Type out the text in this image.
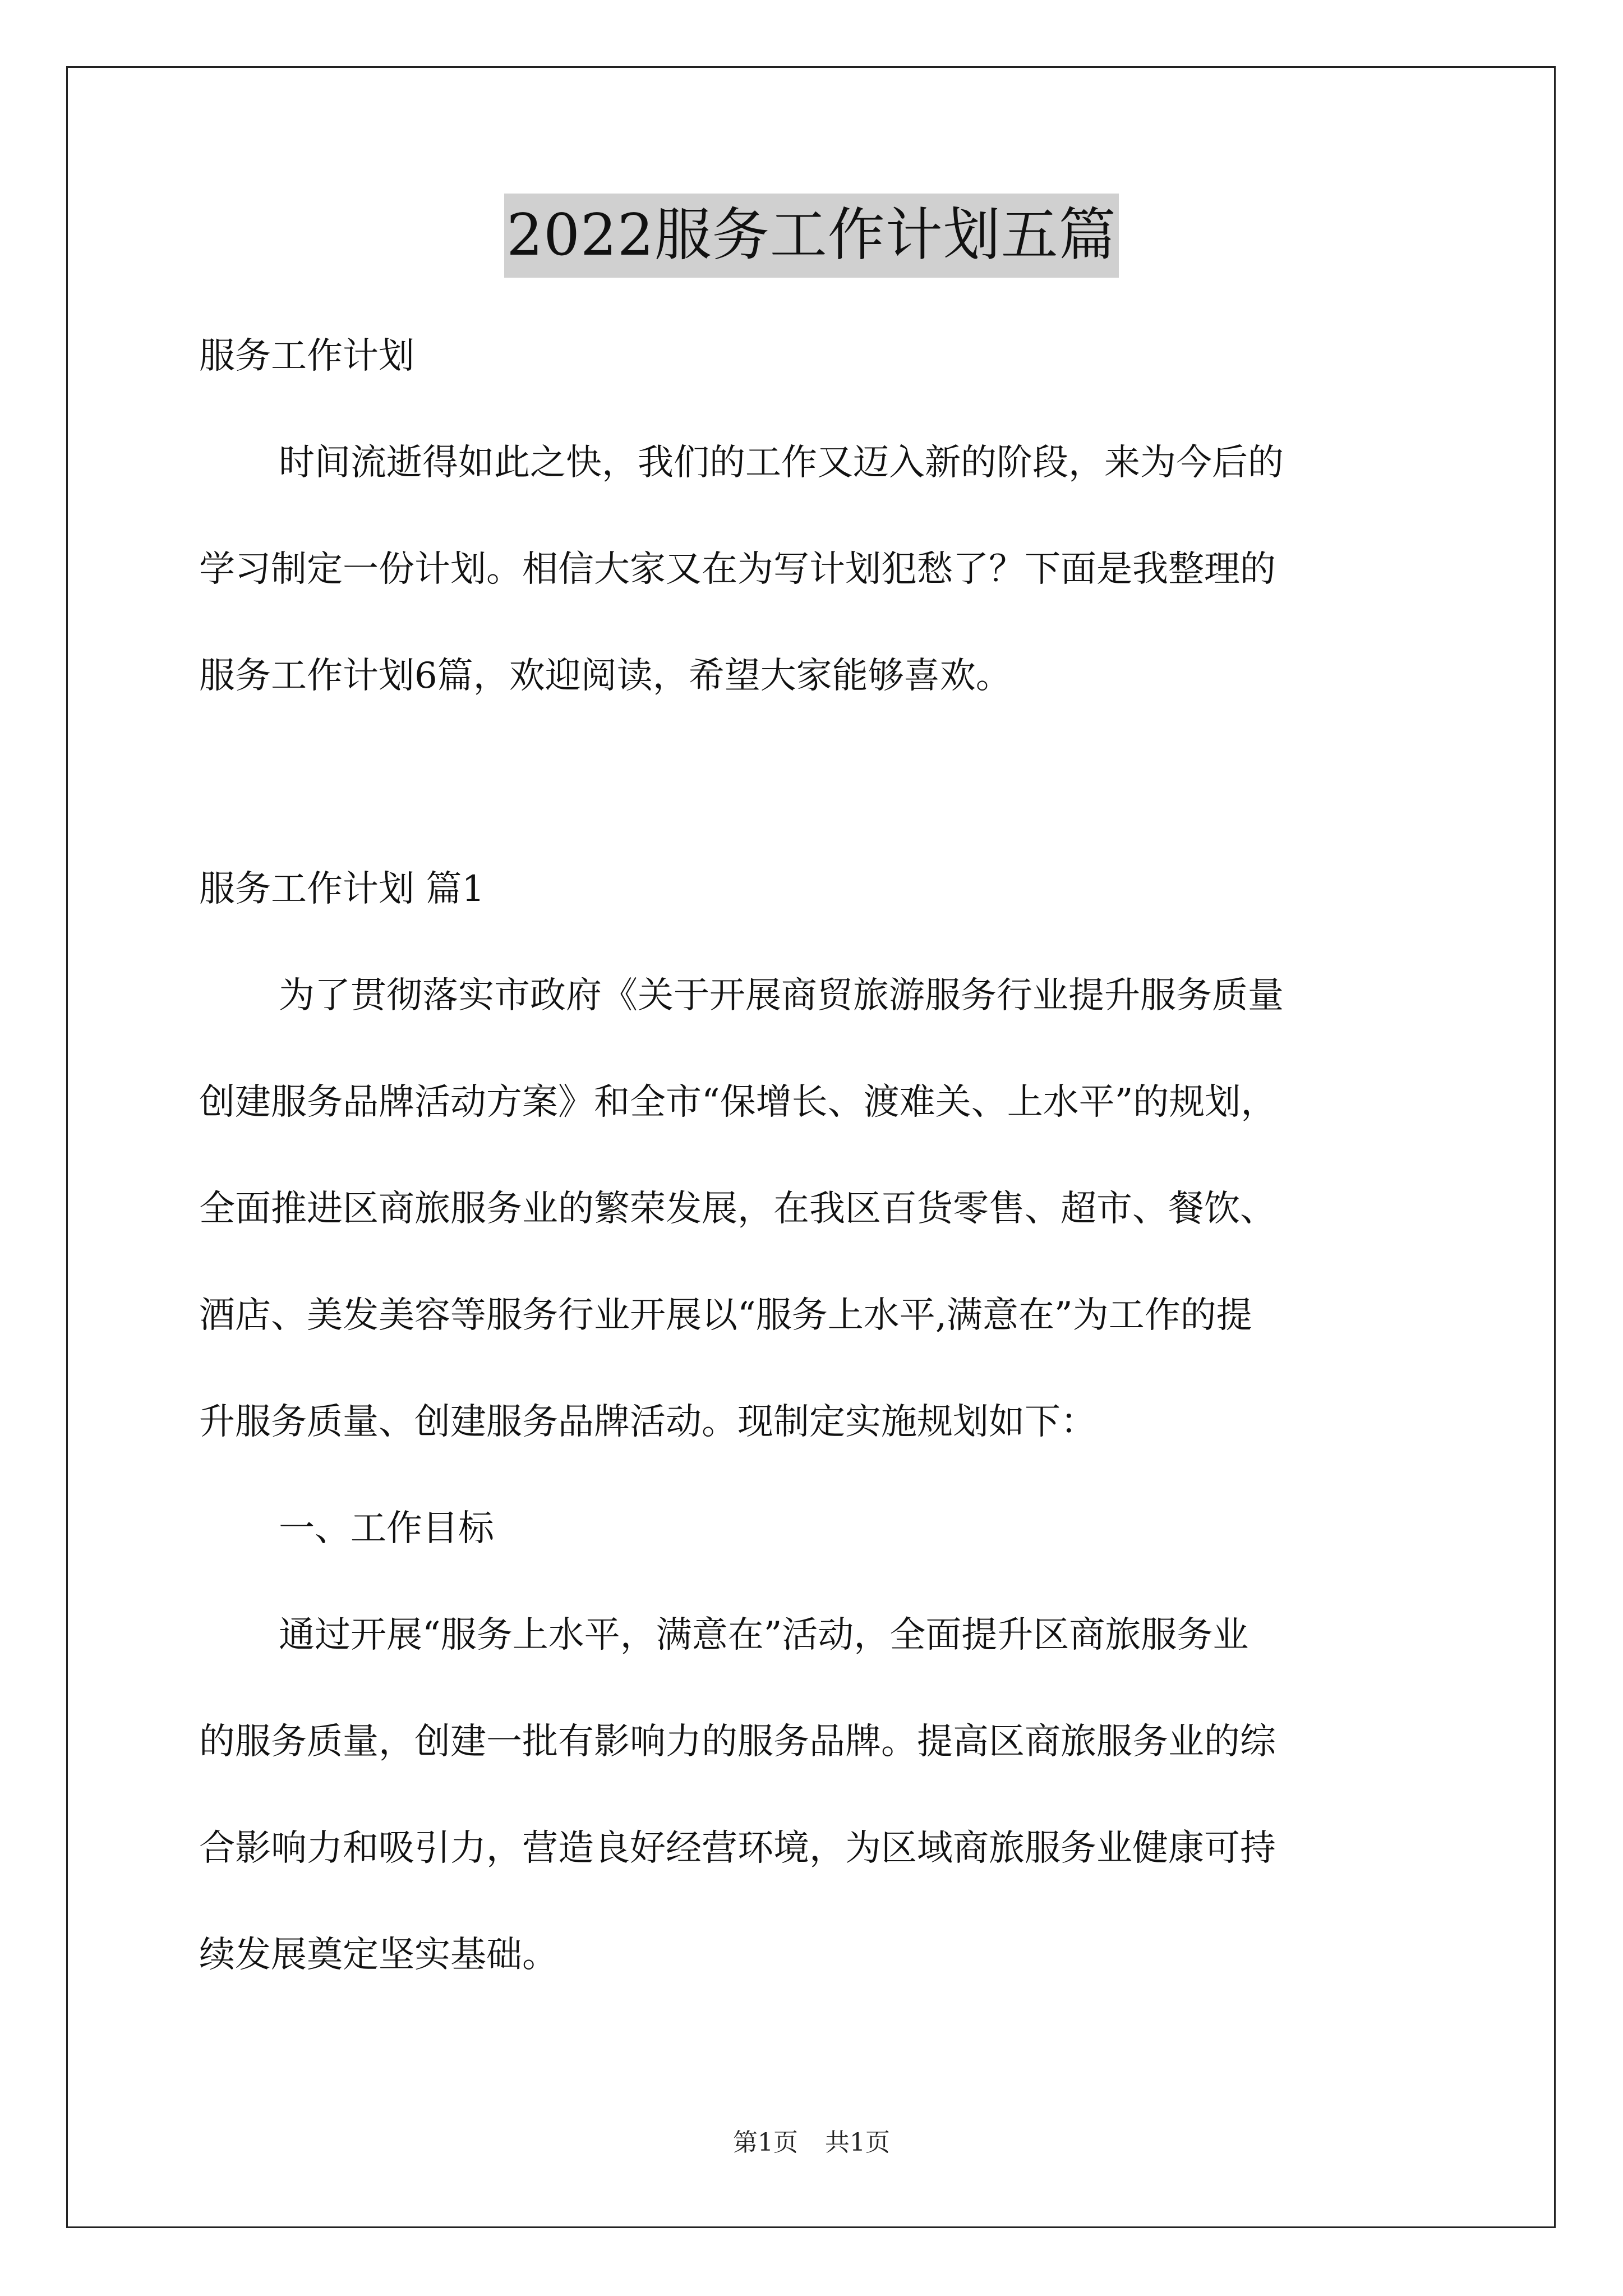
2022服务工作计划五篇
服务工作计划
时间流逝得如此之快，我们的工作又迈入新的阶段，来为今后的
学习制定一份计划。相信大家又在为写计划犯愁了？下面是我整理的
服务工作计划6篇，欢迎阅读，希望大家能够喜欢。
服务工作计划 篇1
为了贯彻落实市政府《关于开展商贸旅游服务行业提升服务质量
创建服务品牌活动方案》和全市“保增长、渡难关、上水平”的规划，
全面推进区商旅服务业的繁荣发展，在我区百货零售、超市、餐饮、
酒店、美发美容等服务行业开展以“服务上水平,满意在”为工作的提
升服务质量、创建服务品牌活动。现制定实施规划如下：
一、工作目标
通过开展“服务上水平，满意在”活动，全面提升区商旅服务业
的服务质量，创建一批有影响力的服务品牌。提高区商旅服务业的综
合影响力和吸引力，营造良好经营环境，为区域商旅服务业健康可持
续发展奠定坚实基础。
第1页 共1页
